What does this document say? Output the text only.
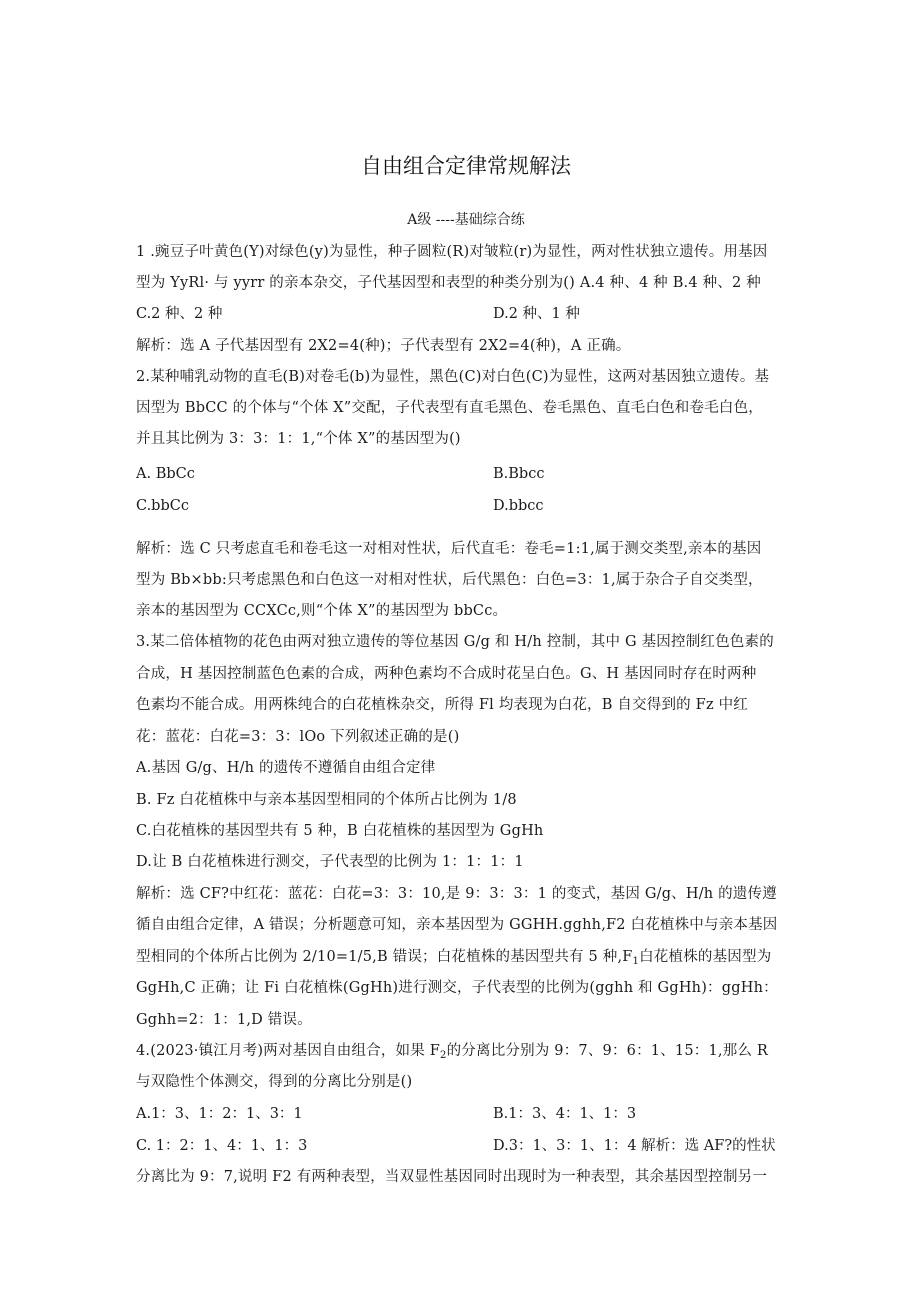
自由组合定律常规解法
A级 ----基础综合练
1 .豌豆子叶黄色(Y)对绿色(y)为显性，种子圆粒(R)对皱粒(r)为显性，两对性状独立遗传。用基因
型为 YyRl· 与 yyrr 的亲本杂交，子代基因型和表型的种类分别为() A.4 种、4 种 B.4 种、2 种
C.2 种、2 种	D.2 种、1 种
解析：选 A 子代基因型有 2X2=4(种)；子代表型有 2X2=4(种)，A 正确。
2.某种哺乳动物的直毛(B)对卷毛(b)为显性，黑色(C)对白色(C)为显性，这两对基因独立遗传。基
因型为 BbCC 的个体与“个体 X”交配，子代表型有直毛黑色、卷毛黑色、直毛白色和卷毛白色，
并且其比例为 3：3：1：1,“个体 X”的基因型为()
A. BbCc	B.Bbcc
C.bbCc	D.bbcc
解析：选 C 只考虑直毛和卷毛这一对相对性状，后代直毛：卷毛=1:1,属于测交类型,亲本的基因
型为 Bb×bb:只考虑黑色和白色这一对相对性状，后代黑色：白色=3：1,属于杂合子自交类型，
亲本的基因型为 CCXCc,则“个体 X”的基因型为 bbCc。
3.某二倍体植物的花色由两对独立遗传的等位基因 G/g 和 H/h 控制，其中 G 基因控制红色色素的
合成，H 基因控制蓝色色素的合成，两种色素均不合成时花呈白色。G、H 基因同时存在时两种
色素均不能合成。用两株纯合的白花植株杂交，所得 Fl 均表现为白花，B 自交得到的 Fz 中红
花：蓝花：白花=3：3：lOo 下列叙述正确的是()
A.基因 G/g、H/h 的遗传不遵循自由组合定律
B. Fz 白花植株中与亲本基因型相同的个体所占比例为 1/8
C.白花植株的基因型共有 5 种，B 白花植株的基因型为 GgHh
D.让 B 白花植株进行测交，子代表型的比例为 1：1：1：1
解析：选 CF?中红花：蓝花：白花=3：3：10,是 9：3：3：1 的变式，基因 G/g、H/h 的遗传遵
循自由组合定律，A 错误；分析题意可知，亲本基因型为 GGHH.gghh,F2 白花植株中与亲本基因
型相同的个体所占比例为 2/10=1/5,B 错误；白花植株的基因型共有 5 种$,F_1$白花植株的基因型为
GgHh,C 正确；让 Fi 白花植株(GgHh)进行测交，子代表型的比例为(gghh 和 GgHh)：ggHh：
Gghh=2：1：1,D 错误。
4.(2023·镇江月考)两对基因自由组合，如果 $F_2$的分离比分别为 9：7、9：6：1、15：1,那么 R
与双隐性个体测交，得到的分离比分别是()
A.1：3、1：2：1、3：1	B.1：3、4：1、1：3
C. 1：2：1、4：1、1：3	D.3：1、3：1、1：4 解析：选 AF?的性状
分离比为 9：7,说明 F2 有两种表型，当双显性基因同时出现时为一种表型，其余基因型控制另一
